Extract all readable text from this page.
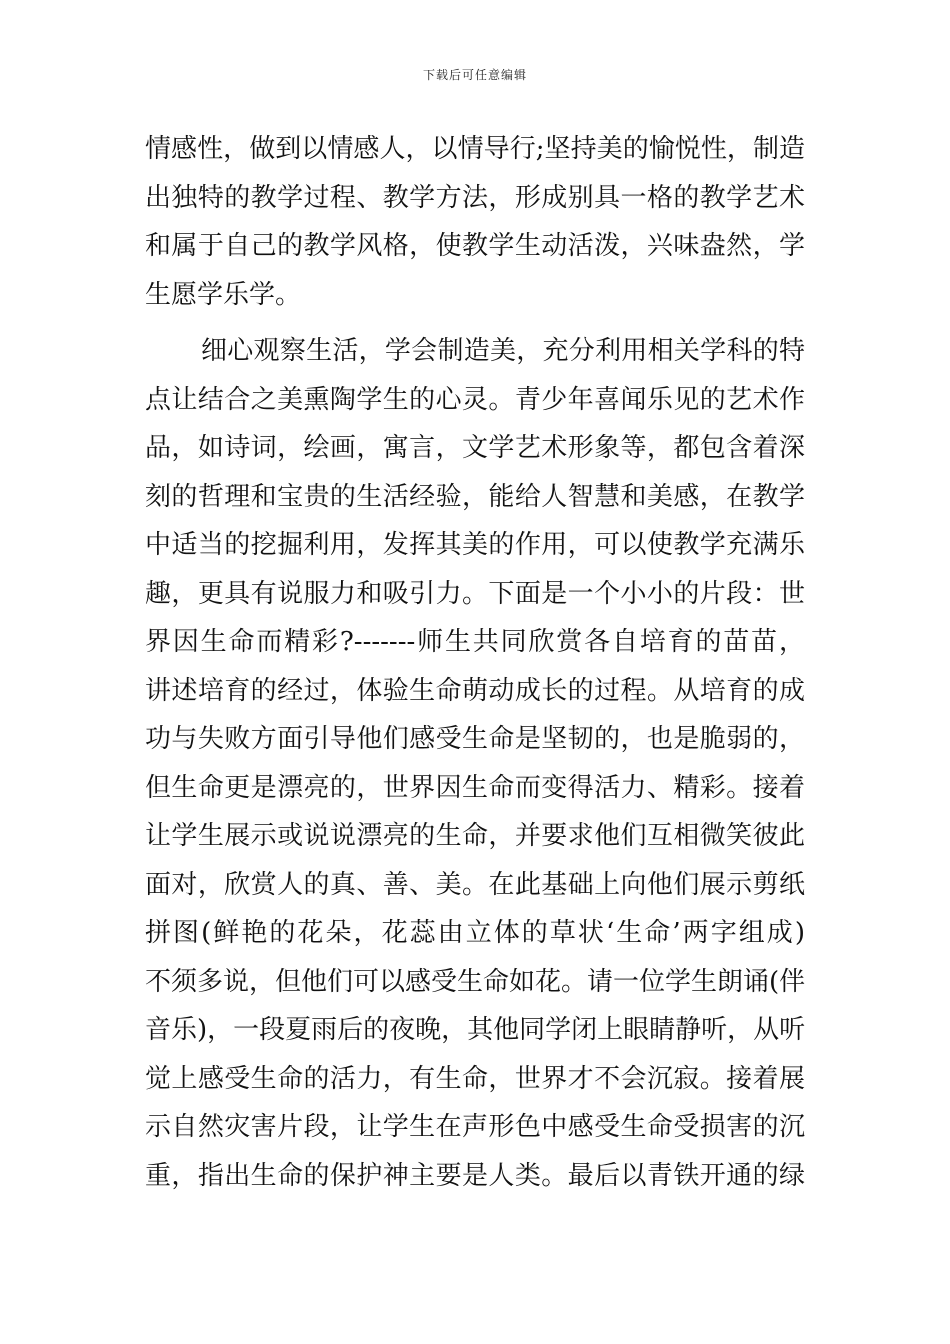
下载后可任意编辑
情感性，做到以情感人，以情导行;坚持美的愉悦性，制造
出独特的教学过程、教学方法，形成别具一格的教学艺术
和属于自己的教学风格，使教学生动活泼，兴味盎然，学
生愿学乐学。
细心观察生活，学会制造美，充分利用相关学科的特
点让结合之美熏陶学生的心灵。青少年喜闻乐见的艺术作
品，如诗词，绘画，寓言，文学艺术形象等，都包含着深
刻的哲理和宝贵的生活经验，能给人智慧和美感，在教学
中适当的挖掘利用，发挥其美的作用，可以使教学充满乐
趣，更具有说服力和吸引力。下面是一个小小的片段：世
界因生命而精彩?-------师生共同欣赏各自培育的苗苗，
讲述培育的经过，体验生命萌动成长的过程。从培育的成
功与失败方面引导他们感受生命是坚韧的，也是脆弱的，
但生命更是漂亮的，世界因生命而变得活力、精彩。接着
让学生展示或说说漂亮的生命，并要求他们互相微笑彼此
面对，欣赏人的真、善、美。在此基础上向他们展示剪纸
拼图(鲜艳的花朵，花蕊由立体的草状‘生命’两字组成)
不须多说，但他们可以感受生命如花。请一位学生朗诵(伴
音乐)，一段夏雨后的夜晚，其他同学闭上眼睛静听，从听
觉上感受生命的活力，有生命，世界才不会沉寂。接着展
示自然灾害片段，让学生在声形色中感受生命受损害的沉
重，指出生命的保护神主要是人类。最后以青铁开通的绿
